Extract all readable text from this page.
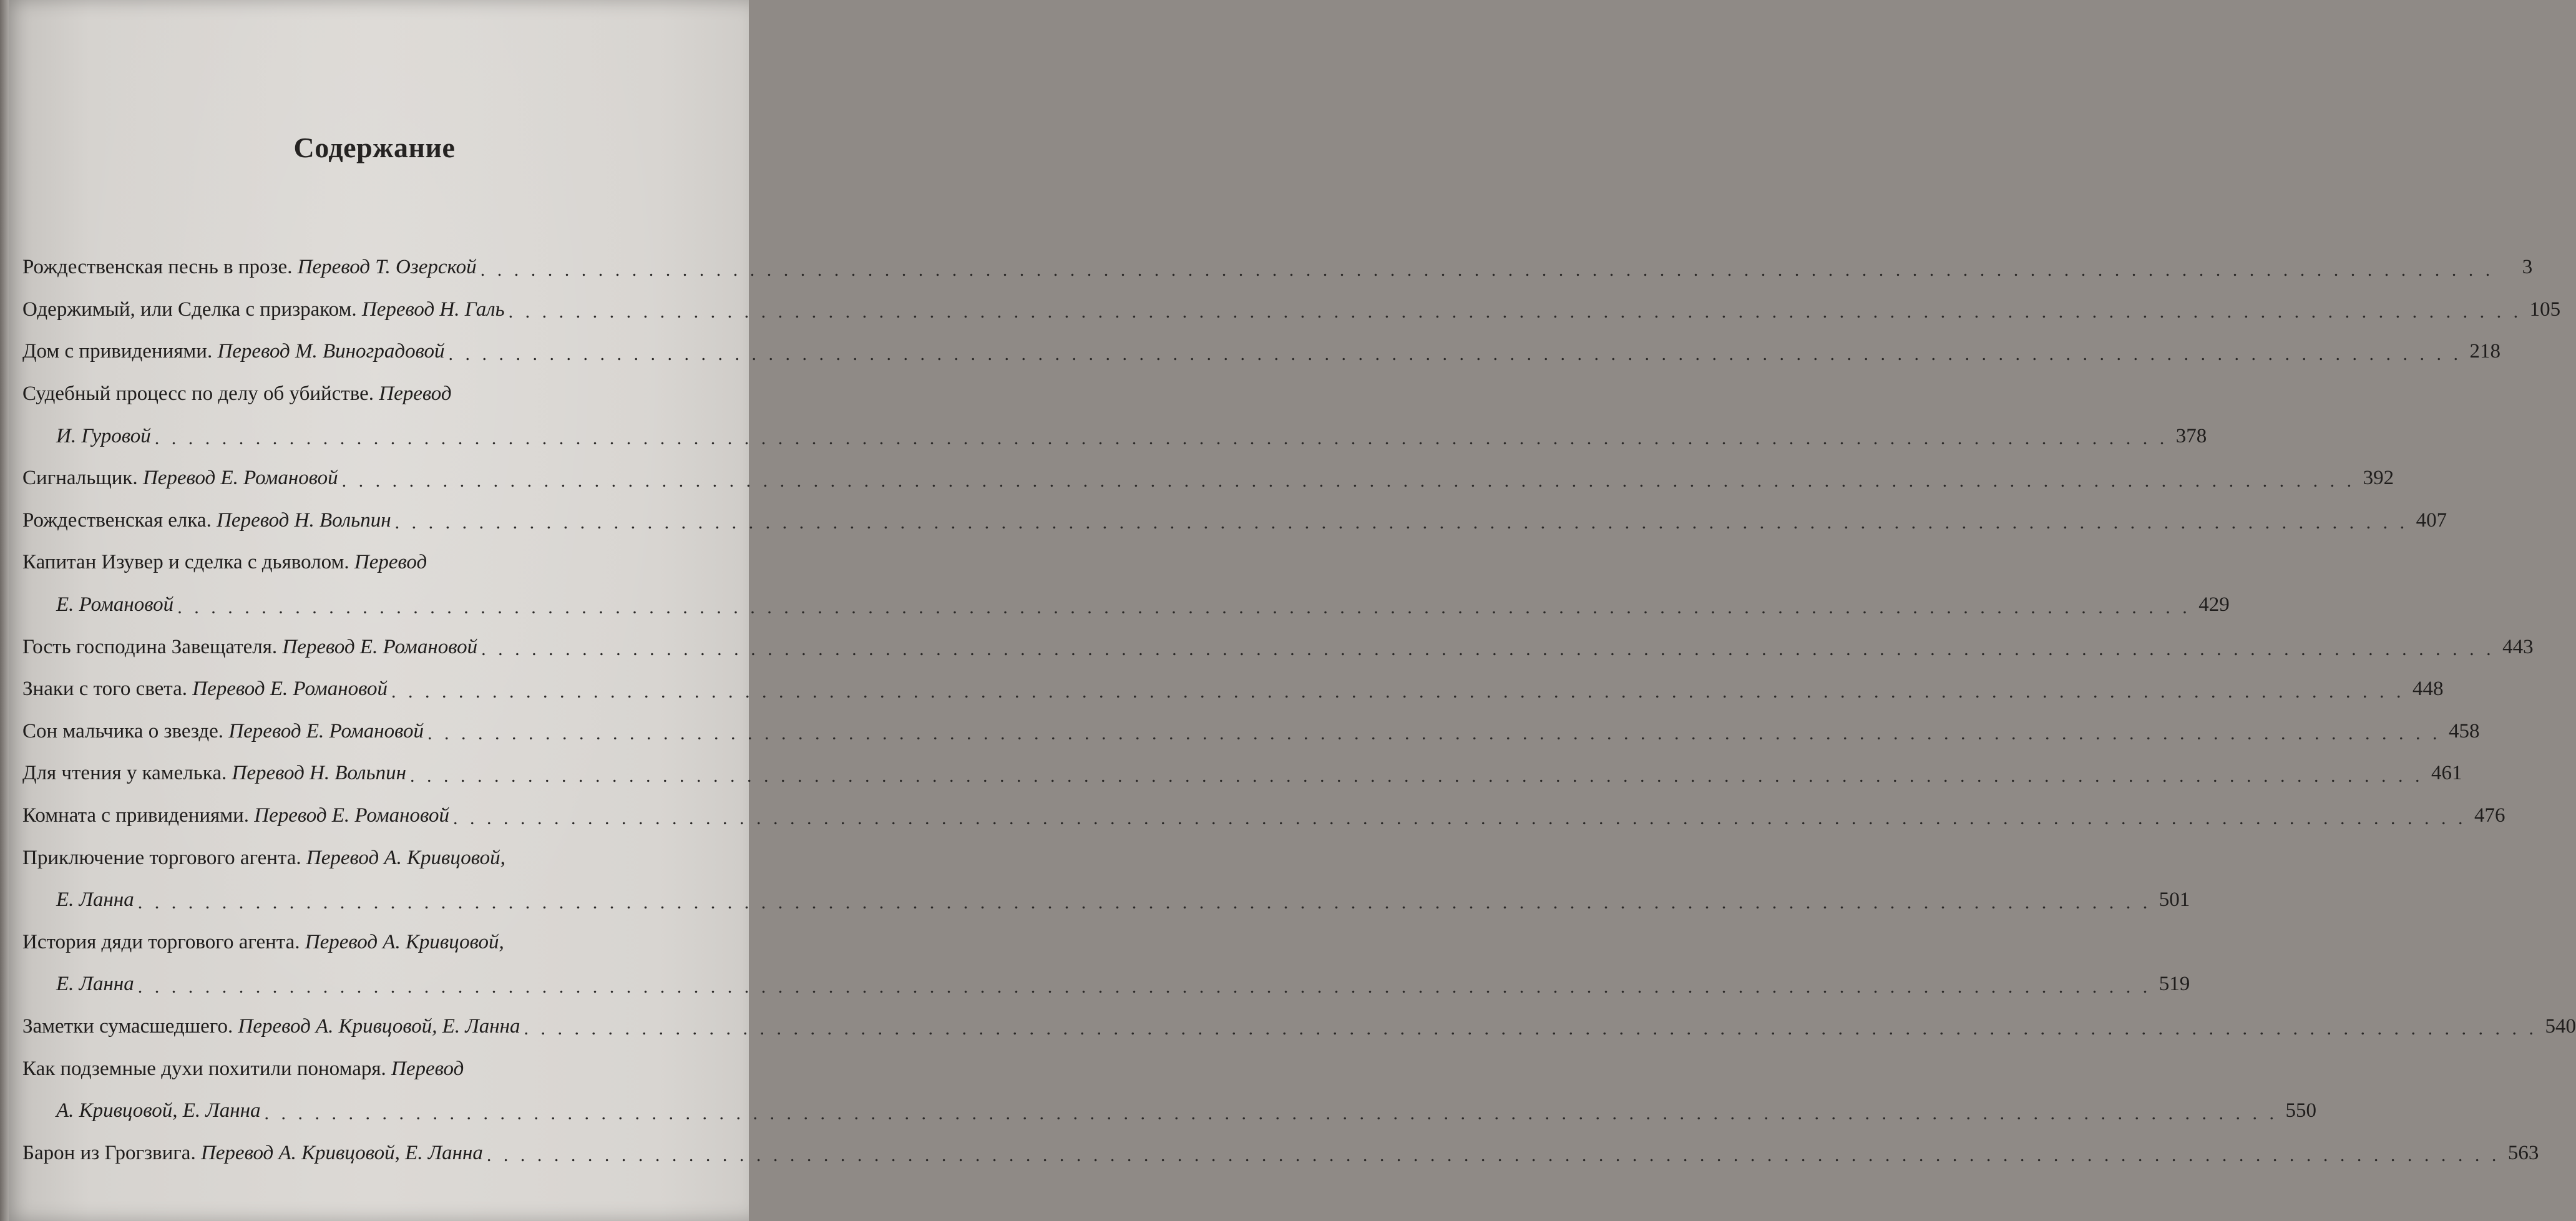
Содержание
Рождественская песнь в прозе. Перевод Т. Озерской . . . . . . . . . . . . . . . . . . . . . . . . . . . . . . . . . . . . . . . . . . . . . . . . . . . . . . . . . . . . . . . . . . . . . . . . . . . . . . . . . . . . . . . . . . . . . . . . . . . . . . . . . . . . . . . . . . . . . . . .	3
Одержимый, или Сделка с призраком. Перевод Н. Галь . . . . . . . . . . . . . . . . . . . . . . . . . . . . . . . . . . . . . . . . . . . . . . . . . . . . . . . . . . . . . . . . . . . . . . . . . . . . . . . . . . . . . . . . . . . . . . . . . . . . . . . . . . . . . . . . . . . . . . . . 105
Дом с привидениями. Перевод М. Виноградовой . . . . . . . . . . . . . . . . . . . . . . . . . . . . . . . . . . . . . . . . . . . . . . . . . . . . . . . . . . . . . . . . . . . . . . . . . . . . . . . . . . . . . . . . . . . . . . . . . . . . . . . . . . . . . . . . . . . . . . . . 218
Судебный процесс по делу об убийстве. Перевод
И. Гуровой . . . . . . . . . . . . . . . . . . . . . . . . . . . . . . . . . . . . . . . . . . . . . . . . . . . . . . . . . . . . . . . . . . . . . . . . . . . . . . . . . . . . . . . . . . . . . . . . . . . . . . . . . . . . . . . . . . . . . . . . 378
Сигнальщик. Перевод Е. Романовой . . . . . . . . . . . . . . . . . . . . . . . . . . . . . . . . . . . . . . . . . . . . . . . . . . . . . . . . . . . . . . . . . . . . . . . . . . . . . . . . . . . . . . . . . . . . . . . . . . . . . . . . . . . . . . . . . . . . . . . . 392
Рождественская елка. Перевод Н. Вольпин . . . . . . . . . . . . . . . . . . . . . . . . . . . . . . . . . . . . . . . . . . . . . . . . . . . . . . . . . . . . . . . . . . . . . . . . . . . . . . . . . . . . . . . . . . . . . . . . . . . . . . . . . . . . . . . . . . . . . . . . 407
Капитан Изувер и сделка с дьяволом. Перевод
Е. Романовой . . . . . . . . . . . . . . . . . . . . . . . . . . . . . . . . . . . . . . . . . . . . . . . . . . . . . . . . . . . . . . . . . . . . . . . . . . . . . . . . . . . . . . . . . . . . . . . . . . . . . . . . . . . . . . . . . . . . . . . . 429
Гость господина Завещателя. Перевод Е. Романовой . . . . . . . . . . . . . . . . . . . . . . . . . . . . . . . . . . . . . . . . . . . . . . . . . . . . . . . . . . . . . . . . . . . . . . . . . . . . . . . . . . . . . . . . . . . . . . . . . . . . . . . . . . . . . . . . . . . . . . . . 443
Знаки с того света. Перевод Е. Романовой . . . . . . . . . . . . . . . . . . . . . . . . . . . . . . . . . . . . . . . . . . . . . . . . . . . . . . . . . . . . . . . . . . . . . . . . . . . . . . . . . . . . . . . . . . . . . . . . . . . . . . . . . . . . . . . . . . . . . . . . 448
Сон мальчика о звезде. Перевод Е. Романовой . . . . . . . . . . . . . . . . . . . . . . . . . . . . . . . . . . . . . . . . . . . . . . . . . . . . . . . . . . . . . . . . . . . . . . . . . . . . . . . . . . . . . . . . . . . . . . . . . . . . . . . . . . . . . . . . . . . . . . . . 458
Для чтения у камелька. Перевод Н. Вольпин . . . . . . . . . . . . . . . . . . . . . . . . . . . . . . . . . . . . . . . . . . . . . . . . . . . . . . . . . . . . . . . . . . . . . . . . . . . . . . . . . . . . . . . . . . . . . . . . . . . . . . . . . . . . . . . . . . . . . . . . 461
Комната с привидениями. Перевод Е. Романовой . . . . . . . . . . . . . . . . . . . . . . . . . . . . . . . . . . . . . . . . . . . . . . . . . . . . . . . . . . . . . . . . . . . . . . . . . . . . . . . . . . . . . . . . . . . . . . . . . . . . . . . . . . . . . . . . . . . . . . . . 476
Приключение торгового агента. Перевод А. Кривцовой,
Е. Ланна . . . . . . . . . . . . . . . . . . . . . . . . . . . . . . . . . . . . . . . . . . . . . . . . . . . . . . . . . . . . . . . . . . . . . . . . . . . . . . . . . . . . . . . . . . . . . . . . . . . . . . . . . . . . . . . . . . . . . . . . 501
История дяди торгового агента. Перевод А. Кривцовой,
Е. Ланна . . . . . . . . . . . . . . . . . . . . . . . . . . . . . . . . . . . . . . . . . . . . . . . . . . . . . . . . . . . . . . . . . . . . . . . . . . . . . . . . . . . . . . . . . . . . . . . . . . . . . . . . . . . . . . . . . . . . . . . . 519
Заметки сумасшедшего. Перевод А. Кривцовой, Е. Ланна . . . . . . . . . . . . . . . . . . . . . . . . . . . . . . . . . . . . . . . . . . . . . . . . . . . . . . . . . . . . . . . . . . . . . . . . . . . . . . . . . . . . . . . . . . . . . . . . . . . . . . . . . . . . . . . . . . . . . . . . 540
Как подземные духи похитили пономаря. Перевод
А. Кривцовой, Е. Ланна . . . . . . . . . . . . . . . . . . . . . . . . . . . . . . . . . . . . . . . . . . . . . . . . . . . . . . . . . . . . . . . . . . . . . . . . . . . . . . . . . . . . . . . . . . . . . . . . . . . . . . . . . . . . . . . . . . . . . . . . 550
Барон из Грогзвига. Перевод А. Кривцовой, Е. Ланна . . . . . . . . . . . . . . . . . . . . . . . . . . . . . . . . . . . . . . . . . . . . . . . . . . . . . . . . . . . . . . . . . . . . . . . . . . . . . . . . . . . . . . . . . . . . . . . . . . . . . . . . . . . . . . . . . . . . . . . . 563
